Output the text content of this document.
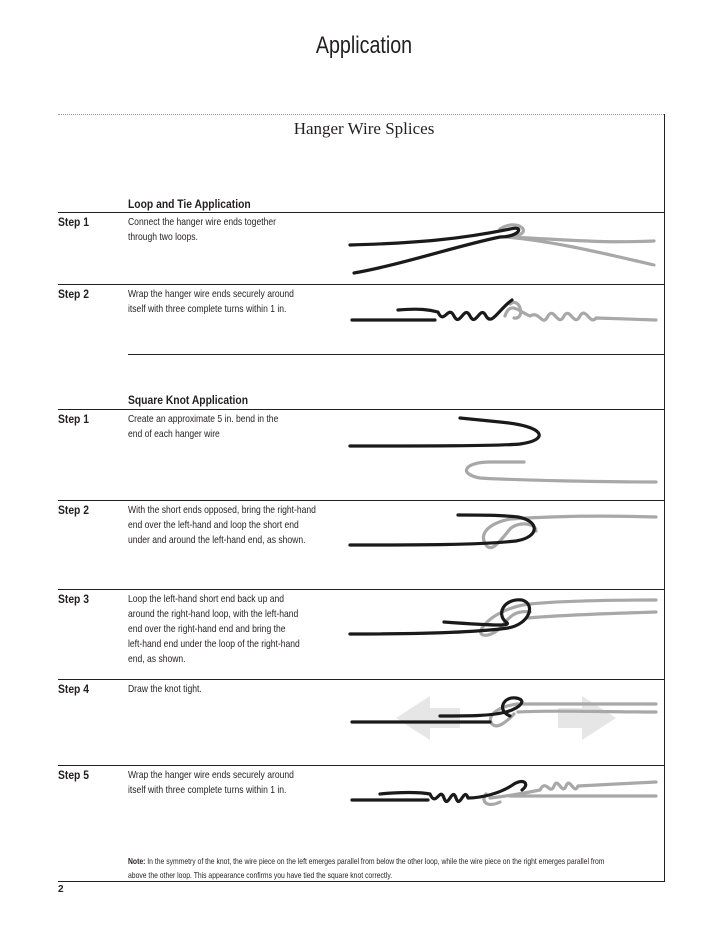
Application
Hanger Wire Splices
Loop and Tie Application
Step 1	Connect the hanger wire ends together
through two loops.
Step 2	Wrap the hanger wire ends securely around
itself with three complete turns within 1 in.
Square Knot Application
Step 1	Create an approximate 5 in. bend in the
end of each hanger wire
Step 2	With the short ends opposed, bring the right-hand
end over the left-hand and loop the short end
under and around the left-hand end, as shown.
Step 3	Loop the left-hand short end back up and
around the right-hand loop, with the left-hand
end over the right-hand end and bring the
left-hand end under the loop of the right-hand
end, as shown.
Step 4	Draw the knot tight.
Step 5	Wrap the hanger wire ends securely around
itself with three complete turns within 1 in.
Note: In the symmetry of the knot, the wire piece on the left emerges parallel from below the other loop, while the wire piece on the right emerges parallel from
above the other loop. This appearance confirms you have tied the square knot correctly.
2
